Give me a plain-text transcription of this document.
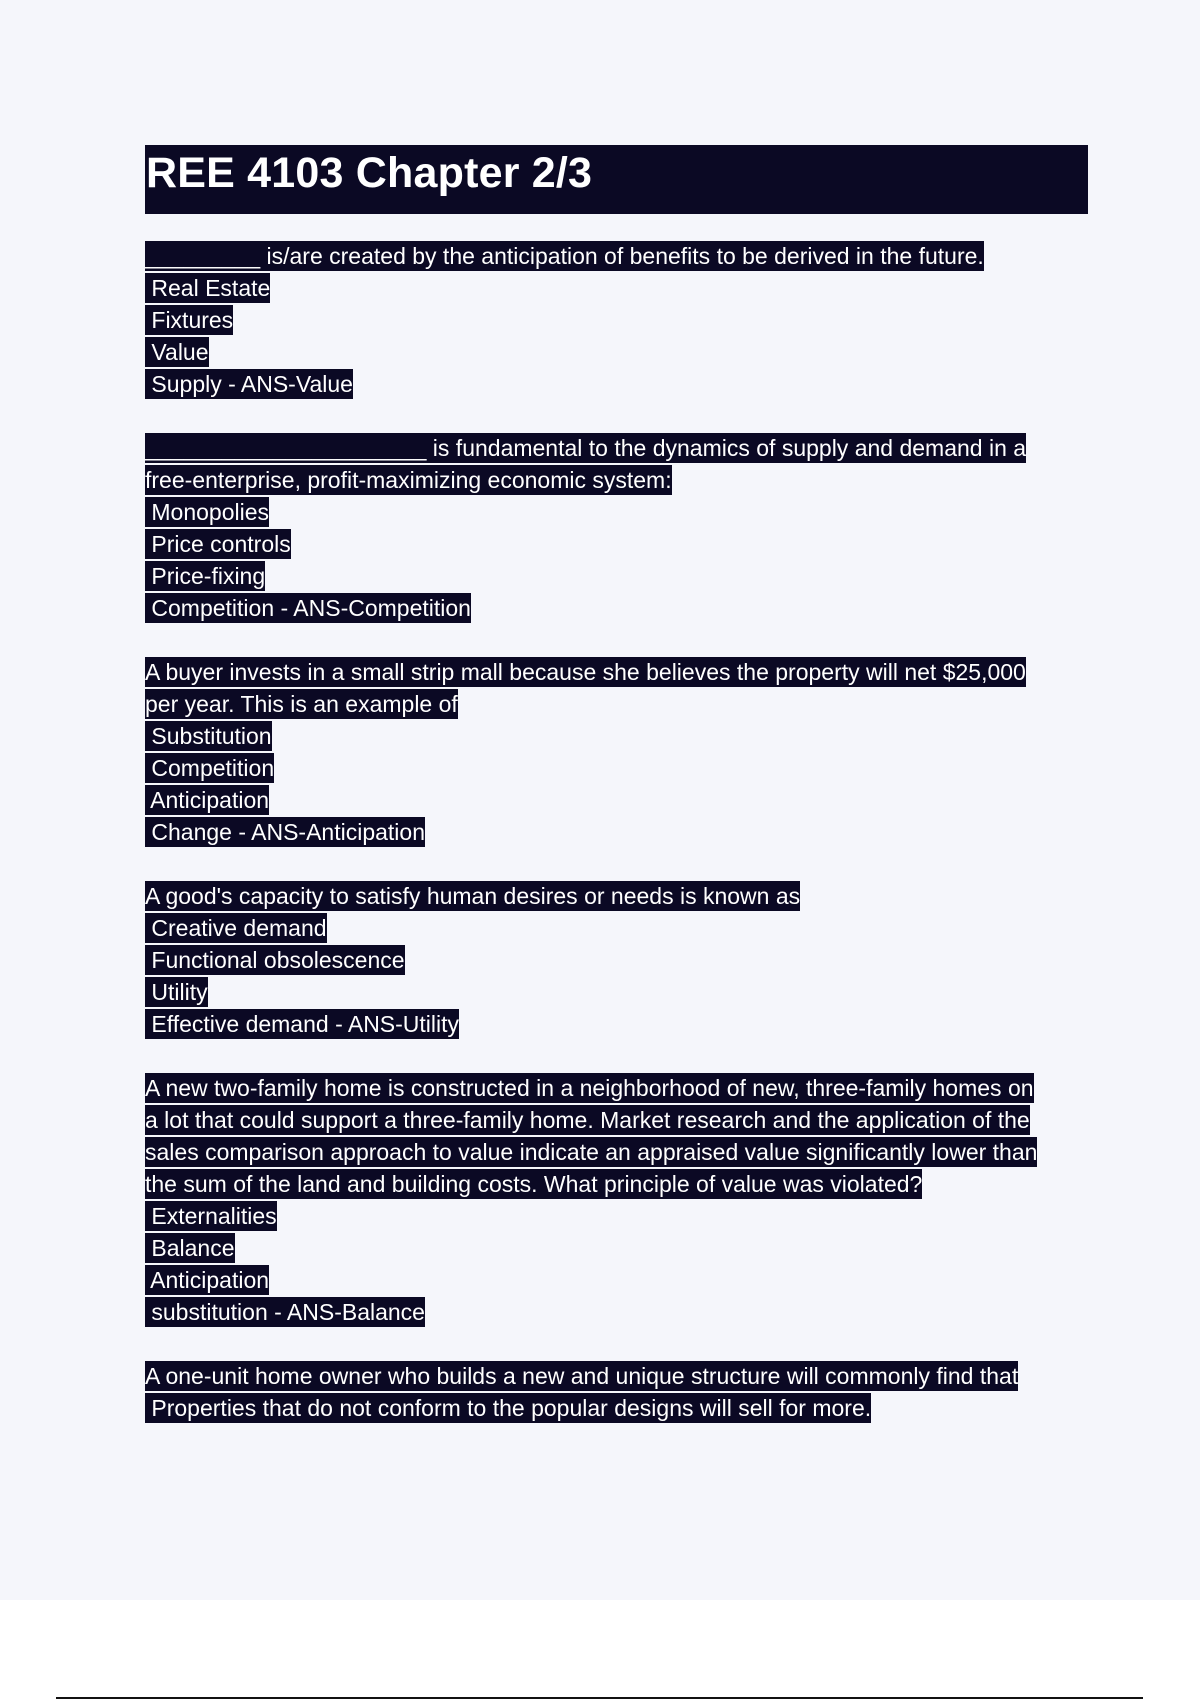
REE 4103 Chapter 2/3
_________ is/are created by the anticipation of benefits to be derived in the future.
Real Estate
Fixtures
Value
Supply - ANS-Value
______________________ is fundamental to the dynamics of supply and demand in a
free-enterprise, profit-maximizing economic system:
Monopolies
Price controls
Price-fixing
Competition - ANS-Competition
A buyer invests in a small strip mall because she believes the property will net $25,000
per year. This is an example of
Substitution
Competition
Anticipation
Change - ANS-Anticipation
A good's capacity to satisfy human desires or needs is known as
Creative demand
Functional obsolescence
Utility
Effective demand - ANS-Utility
A new two-family home is constructed in a neighborhood of new, three-family homes on
a lot that could support a three-family home. Market research and the application of the
sales comparison approach to value indicate an appraised value significantly lower than
the sum of the land and building costs. What principle of value was violated?
Externalities
Balance
Anticipation
substitution - ANS-Balance
A one-unit home owner who builds a new and unique structure will commonly find that
Properties that do not conform to the popular designs will sell for more.
